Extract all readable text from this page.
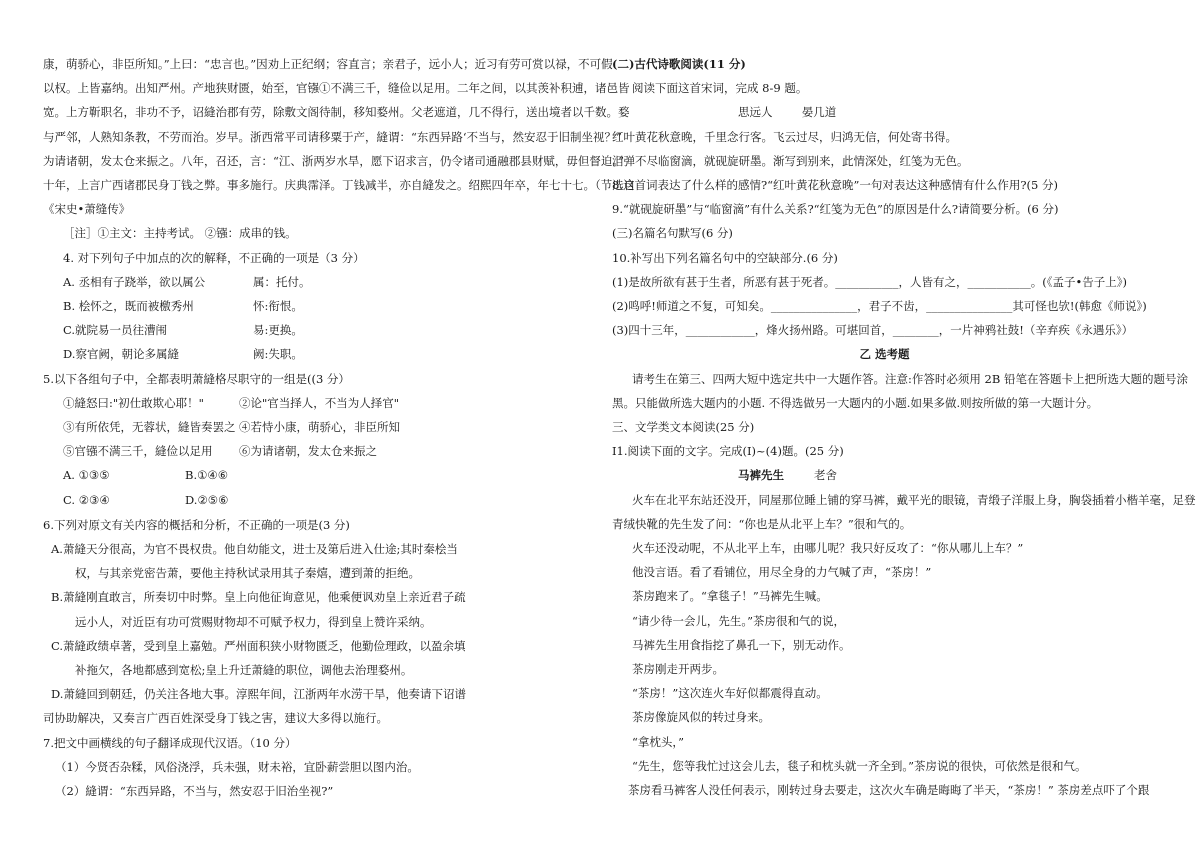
康，萌骄心，非臣所知。”上曰：“忠言也。”因劝上正纪纲；容直言；亲君子，远小人；近习有劳可赏以禄，不可假
以权。上皆嘉纳。出知严州。产地狭财匮，始至，官镪①不满三千，缝俭以足用。二年之间，以其羡补积逋，诸邑皆
宽。上方靳职名，非功不予，诏縫治郡有劳，除敷文阁待制，移知婺州。父老遮道，几不得行，送出境者以千数。婺
与严邻，人熟知条教，不劳而治。岁早。浙西常平司请移粟于产，縫谓：“东西异路‘不当与，然安忍于旧制坐视？”
为请诸朝，发太仓来振之。八年，召还，言：“江、浙两岁水旱，愿下诏求言，仍令诸司通融郡县财赋，毋但督迫。”
十年，上言广西诸郡民身丁钱之弊。事多施行。庆典霈泽。丁钱减半，亦自縫发之。绍熙四年卒，年七十七。（节选自
《宋史•萧缝传》
［注］①主文：主持考试。 ②镪：成串的钱。
4. 对下列句子中加点的次的解释，不正确的一项是（3 分）
A. 丞相有子跷举，欲以属公	属：托付。
B. 桧怀之，既而被檄秀州	怀:衔恨。
C.就院易一员往漕闱	易:更换。
D.察官阙，朝论多属縫	阙:失职。
5.以下各组句子中，全都表明萧縫格尽职守的一组是((3 分）
①縫怒曰:"初仕敢欺心耶！"	②论"官当择人，不当为人择官"
③有所依凭，无蓉状，縫皆奏罢之 ④若恃小康，萌骄心，非臣所知
⑤官镪不满三千，縫俭以足用	⑥为请诸朝，发太仓来振之
A. ①③⑤	B.①④⑥
C. ②③④	D.②⑤⑥
6.下列对原文有关内容的概括和分析，不正确的一项是(3 分)
A.萧縫天分很高，为官不畏权贵。他自幼能文，进士及第后进入仕途;其时秦桧当
权，与其亲党密告萧，要他主持秋试录用其子秦熺，遭到萧的拒绝。
B.萧縫刚直敢言，所奏切中时弊。皇上向他征询意见，他乘便讽劝皇上亲近君子疏
远小人，对近臣有功可赏赐财物却不可赋予权力，得到皇上赞许采纳。
C.萧縫政绩卓著，受到皇上嘉勉。严州面积狭小财物匮乏，他勤俭理政，以盈余填
补拖欠，各地都感到宽松;皇上升迁萧縫的职位，调他去治理婺州。
D.萧縫回到朝廷，仍关注各地大事。淳熙年间，江浙两年水涝干旱，他奏请下诏谱
司协助解决，又奏言广西百姓深受身丁钱之害，建议大多得以施行。
7.把文中画横线的句子翻译成现代汉语。（10 分）
（1）今贤否杂糅，风俗浇浮，兵未强，财未裕，宜卧薪尝胆以图内治。
（2）縫谓：“东西异路，不当与，然安忍于旧治坐视?”
(二)古代诗歌阅读(11 分)
阅读下面这首宋词，完成 8-9 题。
思远人	晏几道
红叶黄花秋意晚，千里念行客。飞云过尽，归鸿无信，何处寄书得。
泪弹不尽临窗滴，就砚旋研墨。渐写到别来，此情深处，红笺为无色。
8.这首词表达了什么样的感情?“红叶黄花秋意晚”一句对表达这种感情有什么作用?(5 分)
9.“就砚旋研墨”与“临窗滴”有什么关系?“红笺为无色”的原因是什么?请简要分析。(6 分)
(三)名篇名句默写(6 分)
10.补写出下列名篇名句中的空缺部分.(6 分)
(1)是故所欲有甚于生者，所恶有甚于死者。___________，人皆有之，___________。(《孟子•告子上》)
(2)鸣呼!师道之不复，可知矣。_______________，君子不齿，_______________其可怪也欤!(韩愈《师说》)
(3)四十三年，____________，烽火扬州路。可堪回首，________，一片神鸦社鼓!（辛弃疾《永遇乐》）
乙 选考题
请考生在第三、四两大短中选定共中一大题作答。注意:作答时必须用 2B 铅笔在答题卡上把所选大题的题号涂
黑。只能做所选大题内的小题. 不得选做另一大题内的小题.如果多做.则按所做的第一大题计分。
三、文学类文本阅读(25 分)
I1.阅读下面的文字。完成(I)~(4)题。(25 分)
马裤先生	老舍
火车在北平东站还没开，同屋那位睡上铺的穿马裤，戴平光的眼镜，青缎子洋服上身，胸袋插着小楷羊毫，足登
青绒快靴的先生发了问：“你也是从北平上车？”很和气的。
火车还没动呢，不从北平上车，由哪儿呢？我只好反攻了：“你从哪儿上车？”
他没言语。看了看铺位，用尽全身的力气喊了声，“茶房！”
茶房跑来了。“拿毯子！”马裤先生喊。
“请少待一会儿，先生。”茶房很和气的说，
马裤先生用食指挖了鼻孔一下，别无动作。
茶房刚走开两步。
“茶房！”这次连火车好似都震得直动。
茶房像旋风似的转过身来。
“拿枕头，”
“先生，您等我忙过这会儿去，毯子和枕头就一齐全到。”茶房说的很快，可依然是很和气。
茶房看马裤客人没任何表示，刚转过身去要走，这次火车确是晦晦了半天，“茶房！” 茶房差点吓了个跟
